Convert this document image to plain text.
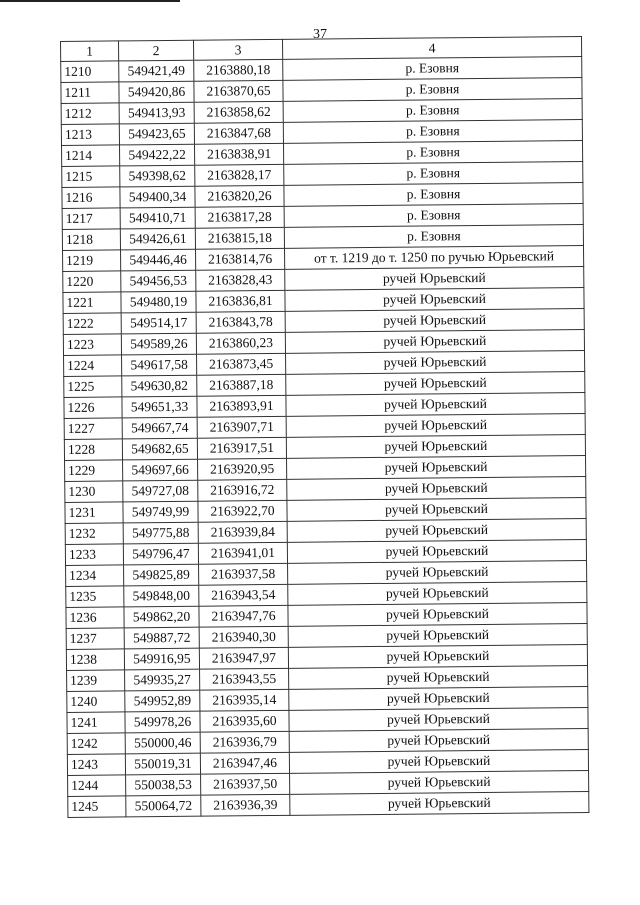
37
1	2	3	4
1210	549421,49	2163880,18	р. Езовня
1211	549420,86	2163870,65	р. Езовня
1212	549413,93	2163858,62	р. Езовня
1213	549423,65	2163847,68	р. Езовня
1214	549422,22	2163838,91	р. Езовня
1215	549398,62	2163828,17	р. Езовня
1216	549400,34	2163820,26	р. Езовня
1217	549410,71	2163817,28	р. Езовня
1218	549426,61	2163815,18	р. Езовня
1219	549446,46	2163814,76	от т. 1219 до т. 1250 по ручью Юрьевский
1220	549456,53	2163828,43	ручей Юрьевский
1221	549480,19	2163836,81	ручей Юрьевский
1222	549514,17	2163843,78	ручей Юрьевский
1223	549589,26	2163860,23	ручей Юрьевский
1224	549617,58	2163873,45	ручей Юрьевский
1225	549630,82	2163887,18	ручей Юрьевский
1226	549651,33	2163893,91	ручей Юрьевский
1227	549667,74	2163907,71	ручей Юрьевский
1228	549682,65	2163917,51	ручей Юрьевский
1229	549697,66	2163920,95	ручей Юрьевский
1230	549727,08	2163916,72	ручей Юрьевский
1231	549749,99	2163922,70	ручей Юрьевский
1232	549775,88	2163939,84	ручей Юрьевский
1233	549796,47	2163941,01	ручей Юрьевский
1234	549825,89	2163937,58	ручей Юрьевский
1235	549848,00	2163943,54	ручей Юрьевский
1236	549862,20	2163947,76	ручей Юрьевский
1237	549887,72	2163940,30	ручей Юрьевский
1238	549916,95	2163947,97	ручей Юрьевский
1239	549935,27	2163943,55	ручей Юрьевский
1240	549952,89	2163935,14	ручей Юрьевский
1241	549978,26	2163935,60	ручей Юрьевский
1242	550000,46	2163936,79	ручей Юрьевский
1243	550019,31	2163947,46	ручей Юрьевский
1244	550038,53	2163937,50	ручей Юрьевский
1245	550064,72	2163936,39	ручей Юрьевский
